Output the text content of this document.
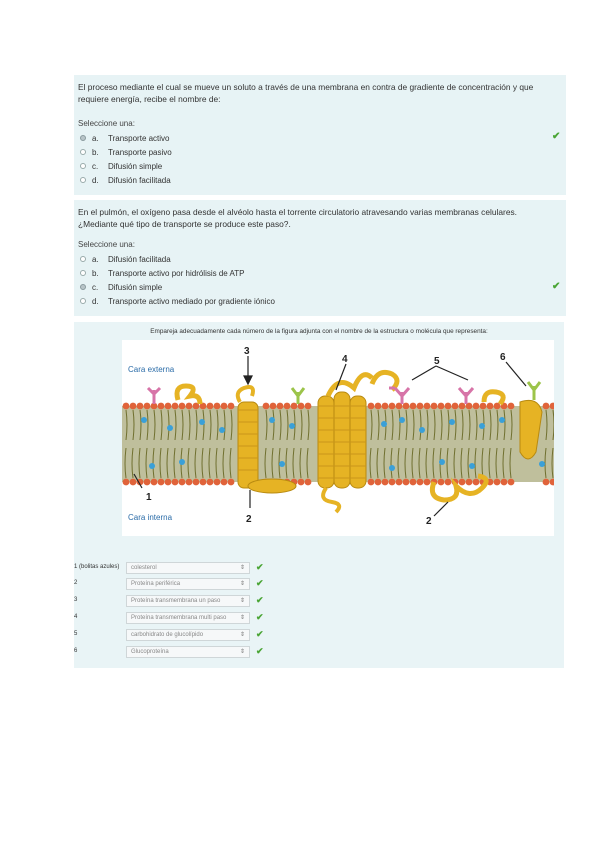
El proceso mediante el cual se mueve un soluto a través de una membrana en contra de gradiente de concentración y que requiere energía, recibe el nombre de:
Seleccione una:
a.	Transporte activo
b.	Transporte pasivo
c.	Difusión simple
d.	Difusión facilitada
✔
En el pulmón, el oxígeno pasa desde el alvéolo hasta el torrente circulatorio atravesando varias membranas celulares. ¿Mediante qué tipo de transporte se produce este paso?.
Seleccione una:
a.	Difusión facilitada
b.	Transporte activo por hidrólisis de ATP
c.	Difusión simple
d.	Transporte activo mediado por gradiente iónico
✔
Empareja adecuadamente cada número de la figura adjunta con el nombre de la estructura o molécula que representa:
Cara externa
Cara interna
3
4	5	6
1
2	2
1 (bolitas azules)	colesterol	⇕ ✔
2	Proteína periférica	⇕ ✔
3	Proteína transmembrana un paso	⇕ ✔
4	Proteína transmembrana multi paso ⇕ ✔
5	carbohidrato de glucolípido	⇕ ✔
6	Glucoproteína	⇕ ✔
